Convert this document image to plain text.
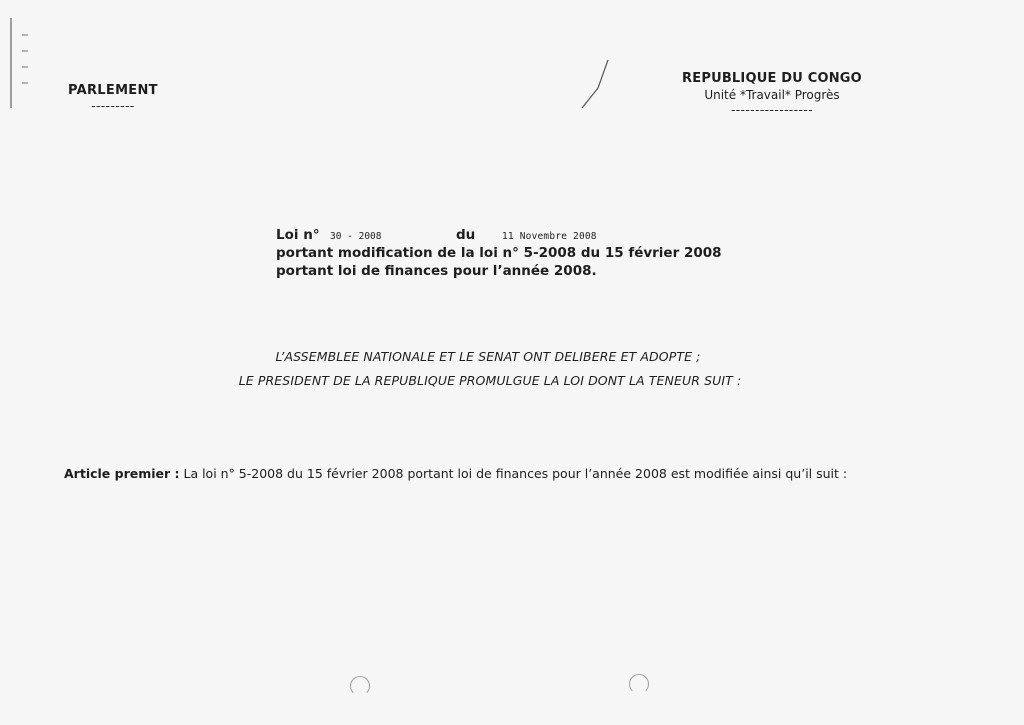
PARLEMENT
---------
REPUBLIQUE DU CONGO
Unité *Travail* Progrès
-----------------
Loi n° 30 - 2008	du	11 Novembre 2008
portant modification de la loi n° 5-2008 du 15 février 2008
portant loi de finances pour l’année 2008.
L’ASSEMBLEE NATIONALE ET LE SENAT ONT DELIBERE ET ADOPTE ;
LE PRESIDENT DE LA REPUBLIQUE PROMULGUE LA LOI DONT LA TENEUR SUIT :
Article premier : La loi n° 5-2008 du 15 février 2008 portant loi de finances pour l’année 2008 est modifiée ainsi qu’il suit :
